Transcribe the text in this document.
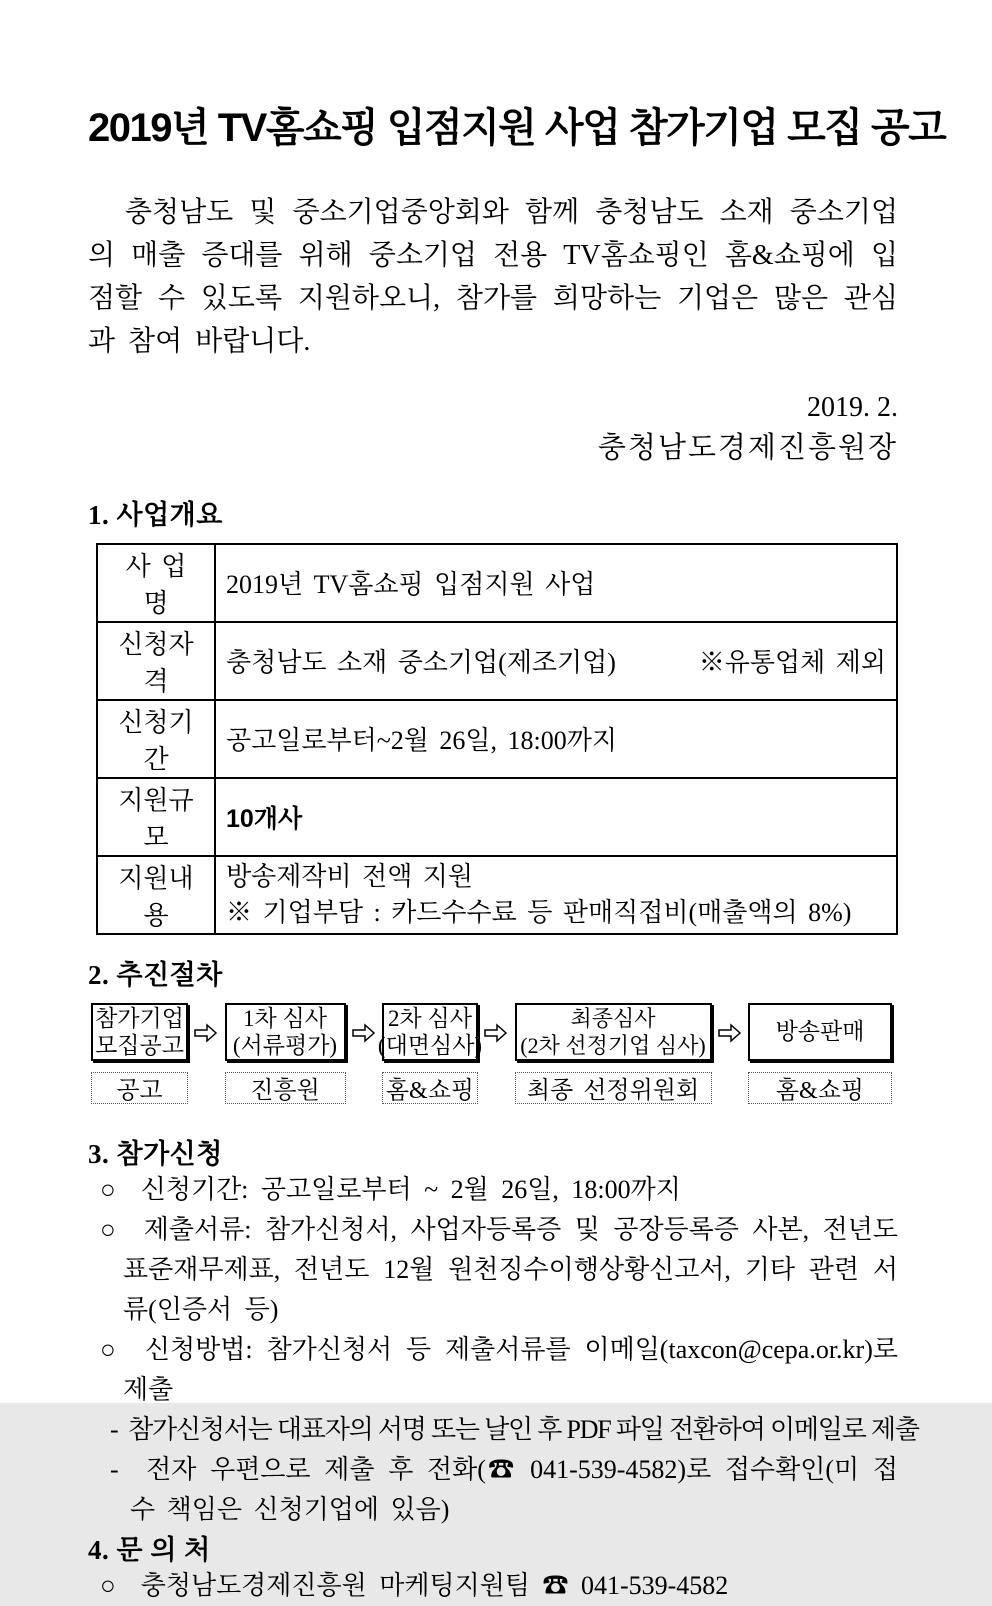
2019년 TV홈쇼핑 입점지원 사업 참가기업 모집 공고

충청남도 및 중소기업중앙회와 함께 충청남도 소재 중소기업의 매출 증대를 위해 중소기업 전용 TV홈쇼핑인 홈&쇼핑에 입점할 수 있도록 지원하오니, 참가를 희망하는 기업은 많은 관심과 참여 바랍니다.

2019. 2.
충청남도경제진흥원장
1. 사업개요
사 업 명	2019년 TV홈쇼핑 입점지원 사업
신청자격	충청남도 소재 중소기업(제조기업) ※유통업체 제외

신청기간	공고일로부터~2월 26일, 18:00까지
지원규모	10개사
지원내용	방송제작비 전액 지원
※ 기업부담 : 카드수수료 등 판매직접비(매출액의 8%)
2. 추진절차
참가기업
모집공고
공고
1차 심사
(서류평가)
진흥원
2차 심사
(대면심사)
홈&쇼핑
최종심사
(2차 선정기업 심사)
최종 선정위원회
방송판매
홈&쇼핑
3. 참가신청
○ 신청기간: 공고일로부터 ~ 2월 26일, 18:00까지
○ 제출서류: 참가신청서, 사업자등록증 및 공장등록증 사본, 전년도 표준재무제표, 전년도 12월 원천징수이행상황신고서, 기타 관련 서류(인증서 등)
○ 신청방법: 참가신청서 등 제출서류를 이메일(taxcon@cepa.or.kr)로 제출
- 참가신청서는 대표자의 서명 또는 날인 후 PDF 파일 전환하여 이메일로 제출
- 전자 우편으로 제출 후 전화(☎ 041-539-4582)로 접수확인(미 접수 책임은 신청기업에 있음)
4. 문 의 처
○ 충청남도경제진흥원 마케팅지원팀 ☎ 041-539-4582
